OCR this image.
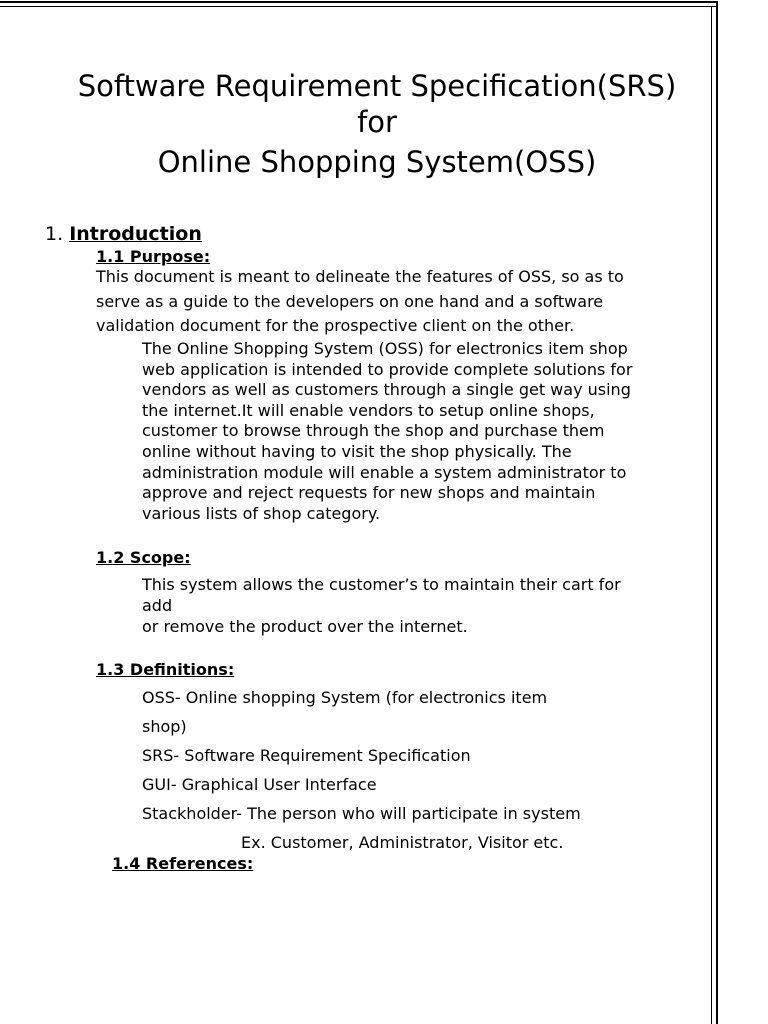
Software Requirement Specification(SRS)
for
Online Shopping System(OSS)
1. Introduction
1.1 Purpose:
This document is meant to delineate the features of OSS, so as to
serve as a guide to the developers on one hand and a software
validation document for the prospective client on the other.
The Online Shopping System (OSS) for electronics item shop
web application is intended to provide complete solutions for
vendors as well as customers through a single get way using
the internet.It will enable vendors to setup online shops,
customer to browse through the shop and purchase them
online without having to visit the shop physically. The
administration module will enable a system administrator to
approve and reject requests for new shops and maintain
various lists of shop category.
1.2 Scope:
This system allows the customer’s to maintain their cart for
add
or remove the product over the internet.
1.3 Definitions:
OSS- Online shopping System (for electronics item
shop)
SRS- Software Requirement Specification
GUI- Graphical User Interface
Stackholder- The person who will participate in system
Ex. Customer, Administrator, Visitor etc.
1.4 References:
